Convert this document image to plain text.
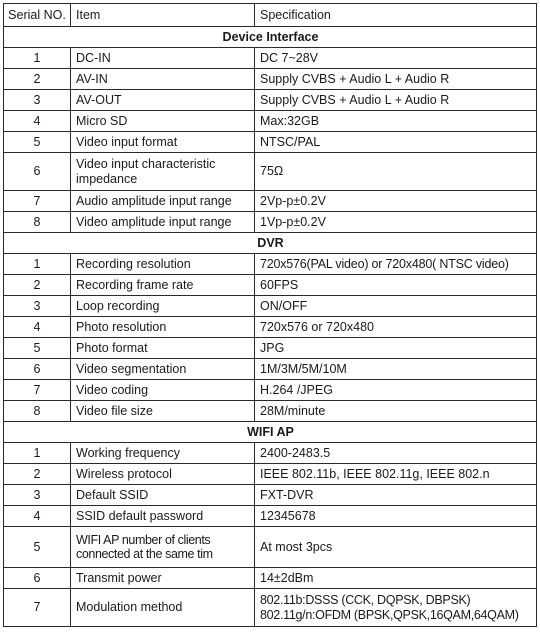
Serial NO.	Item	Specification
Device Interface		
1	DC-IN	DC 7~28V
2	AV-IN	Supply CVBS + Audio L + Audio R
3	AV-OUT	Supply CVBS + Audio L + Audio R
4	Micro SD	Max:32GB
5	Video input format	NTSC/PAL
6	Video input characteristic impedance	75Ω
7	Audio amplitude input range	2Vp-p±0.2V
8	Video amplitude input range	1Vp-p±0.2V
DVR		
1	Recording resolution	720x576(PAL video) or 720x480( NTSC video)
2	Recording frame rate	60FPS
3	Loop recording	ON/OFF
4	Photo resolution	720x576 or 720x480
5	Photo format	JPG
6	Video segmentation	1M/3M/5M/10M
7	Video coding	H.264 /JPEG
8	Video file size	28M/minute
WIFI AP		
1	Working frequency	2400-2483.5
2	Wireless protocol	IEEE 802.11b, IEEE 802.11g, IEEE 802.n
3	Default SSID	FXT-DVR
4	SSID default password	12345678
5	WIFI AP number of clients connected at the same tim	At most 3pcs
6	Transmit power	14±2dBm
7	Modulation method	802.11b:DSSS (CCK, DQPSK, DBPSK)
802.11g/n:OFDM (BPSK,QPSK,16QAM,64QAM)
